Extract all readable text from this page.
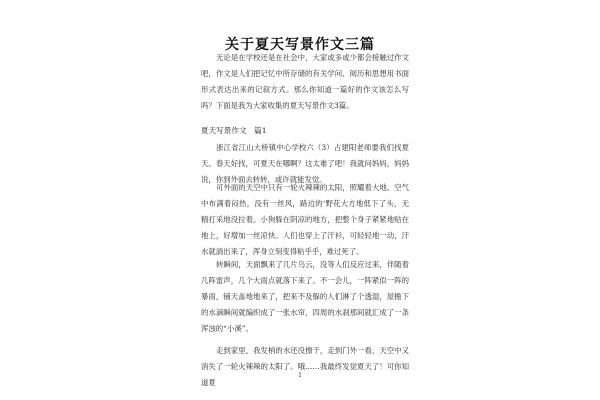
关于夏天写景作文三篇

无论是在学校还是在社会中，大家或多或少都会接触过作文吧，作文是人们把记忆中所存储的有关学问、阅历和思想用书面形式表达出来的记叙方式。那么你知道一篇好的作文该怎么写吗？下面是我为大家收集的夏天写景作文3篇。

夏天写景作文　篇1

浙江省江山大桥镇中心学校六（3）占建阳老师要我们找夏天。春天好找，可夏天在哪啊？这太难了吧！我就问妈妈，妈妈说，你到外面去转转，或许就能发觉。

可外面的天空中只有一轮火辣辣的太阳，照耀着大地。空气中布满着闷热，没有一丝风，路边的‘野花大方地低下了头，无精打采地没拉着。小狗躲在阴凉的地方，把整个身子紧紧地贴在地上，好增加一丝凉快。人们也穿上了汗衫，可轻轻地一动，汗水就淌出来了，浑身立刻变得粘乎乎，难过死了。

转瞬间，天面飘来了几片乌云，没等人们反应过来，伴随着几阵雷声，几个大雨点就落下来了。不一会儿，一阵紧似一阵的暴雨，铺天盖地地来了，把来不及躲的人们淋了个透湿，屋檐下的水滴瞬间就编织成了一张水帘，四周的水刹那间就汇成了一条浑浊的“小溪”。

走到家里，我发梢的水还没擦干，走到门外一看，天空中又消失了一轮火辣辣的太阳了。哦……我最终发觉夏天了！可你知道夏

1
